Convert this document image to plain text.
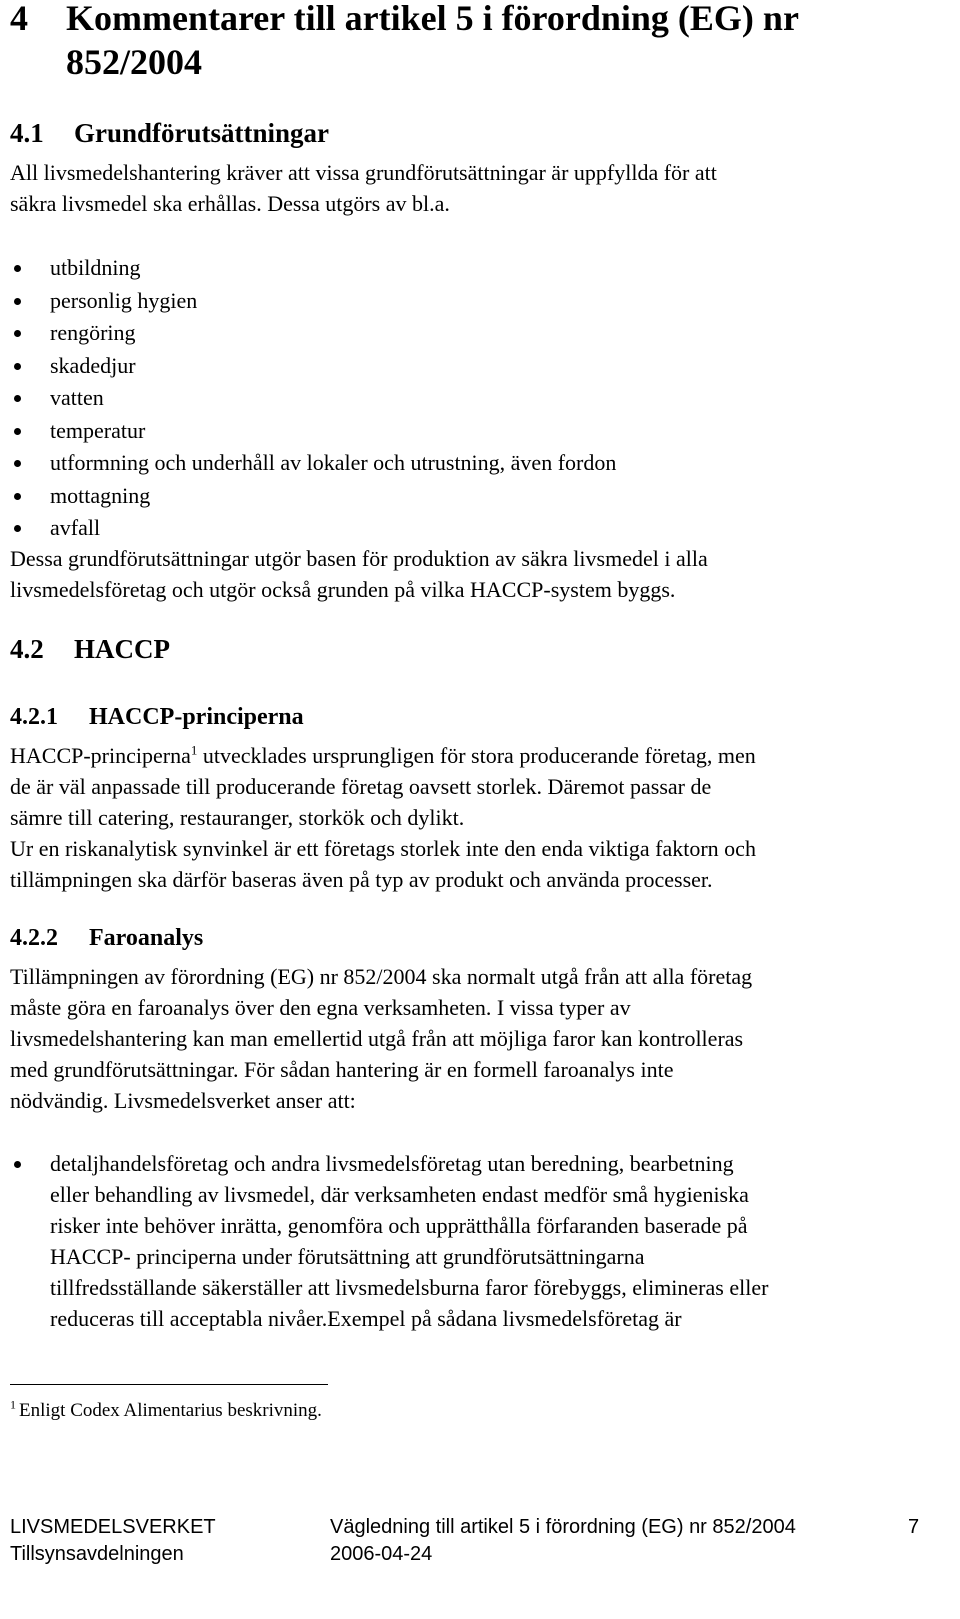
4 Kommentarer till artikel 5 i förordning (EG) nr
852/2004
4.1 Grundförutsättningar
All livsmedelshantering kräver att vissa grundförutsättningar är uppfyllda för att
säkra livsmedel ska erhållas. Dessa utgörs av bl.a.
utbildning
personlig hygien
rengöring
skadedjur
vatten
temperatur
utformning och underhåll av lokaler och utrustning, även fordon
mottagning
avfall
Dessa grundförutsättningar utgör basen för produktion av säkra livsmedel i alla
livsmedelsföretag och utgör också grunden på vilka HACCP-system byggs.
4.2 HACCP
4.2.1 HACCP-principerna
HACCP-principerna$^1$ utvecklades ursprungligen för stora producerande företag, men
de är väl anpassade till producerande företag oavsett storlek. Däremot passar de
sämre till catering, restauranger, storkök och dylikt.
Ur en riskanalytisk synvinkel är ett företags storlek inte den enda viktiga faktorn och
tillämpningen ska därför baseras även på typ av produkt och använda processer.
4.2.2 Faroanalys
Tillämpningen av förordning (EG) nr 852/2004 ska normalt utgå från att alla företag
måste göra en faroanalys över den egna verksamheten. I vissa typer av
livsmedelshantering kan man emellertid utgå från att möjliga faror kan kontrolleras
med grundförutsättningar. För sådan hantering är en formell faroanalys inte
nödvändig. Livsmedelsverket anser att:
detaljhandelsföretag och andra livsmedelsföretag utan beredning, bearbetning
eller behandling av livsmedel, där verksamheten endast medför små hygieniska
risker inte behöver inrätta, genomföra och upprätthålla förfaranden baserade på
HACCP- principerna under förutsättning att grundförutsättningarna
tillfredsställande säkerställer att livsmedelsburna faror förebyggs, elimineras eller
reduceras till acceptabla nivåer.Exempel på sådana livsmedelsföretag är
$^1$ Enligt Codex Alimentarius beskrivning.
LIVSMEDELSVERKET
Tillsynsavdelningen
Vägledning till artikel 5 i förordning (EG) nr 852/2004
2006-04-24
7
